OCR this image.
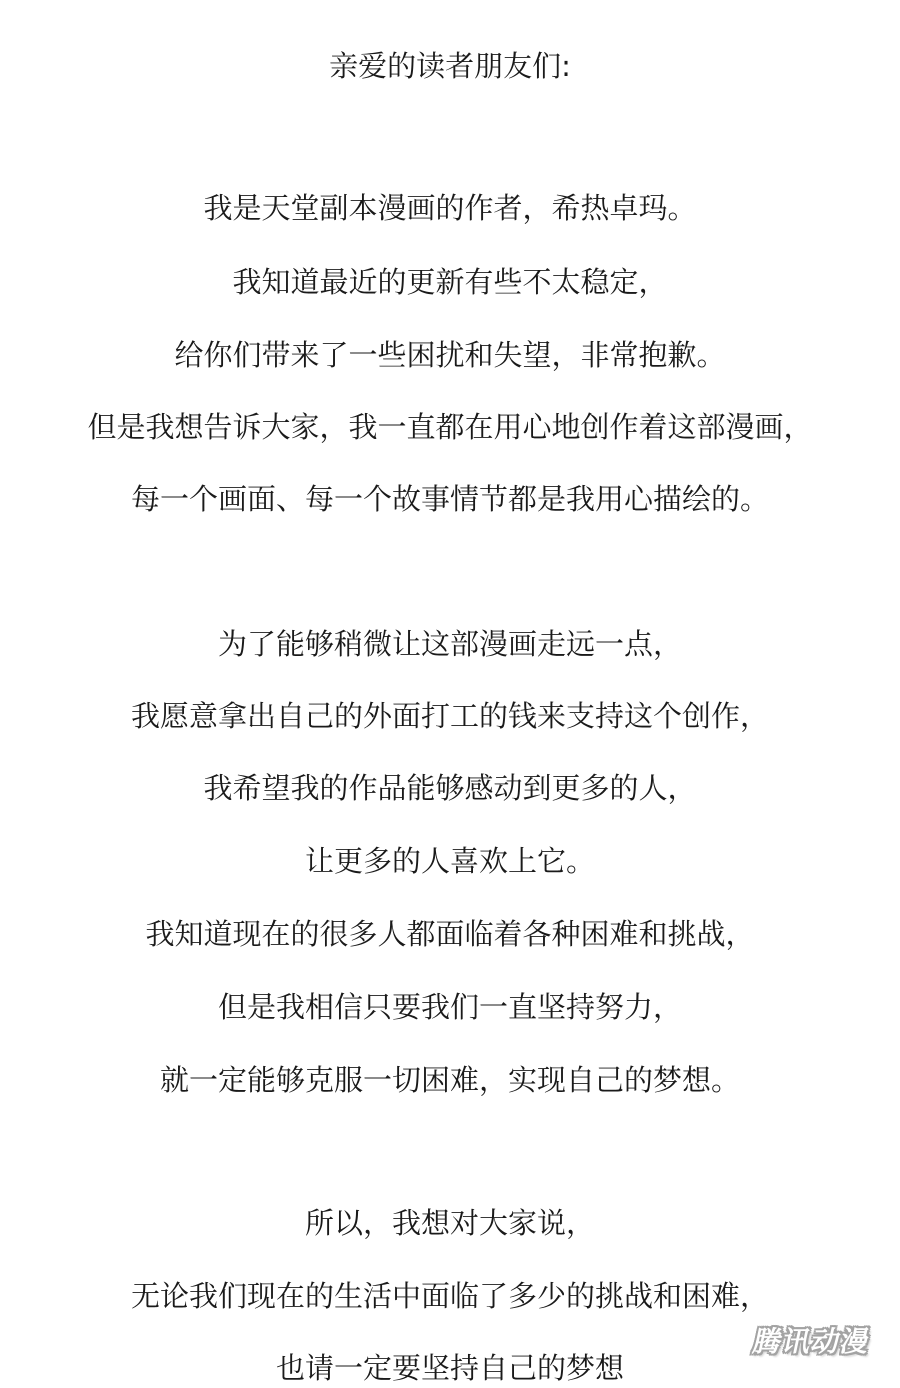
亲爱的读者朋友们:
我是天堂副本漫画的作者，希热卓玛。
我知道最近的更新有些不太稳定，
给你们带来了一些困扰和失望，非常抱歉。
但是我想告诉大家，我一直都在用心地创作着这部漫画，
每一个画面、每一个故事情节都是我用心描绘的。
为了能够稍微让这部漫画走远一点，
我愿意拿出自己的外面打工的钱来支持这个创作，
我希望我的作品能够感动到更多的人，
让更多的人喜欢上它。
我知道现在的很多人都面临着各种困难和挑战，
但是我相信只要我们一直坚持努力，
就一定能够克服一切困难，实现自己的梦想。
所以，我想对大家说，
无论我们现在的生活中面临了多少的挑战和困难，
也请一定要坚持自己的梦想
腾讯动漫
